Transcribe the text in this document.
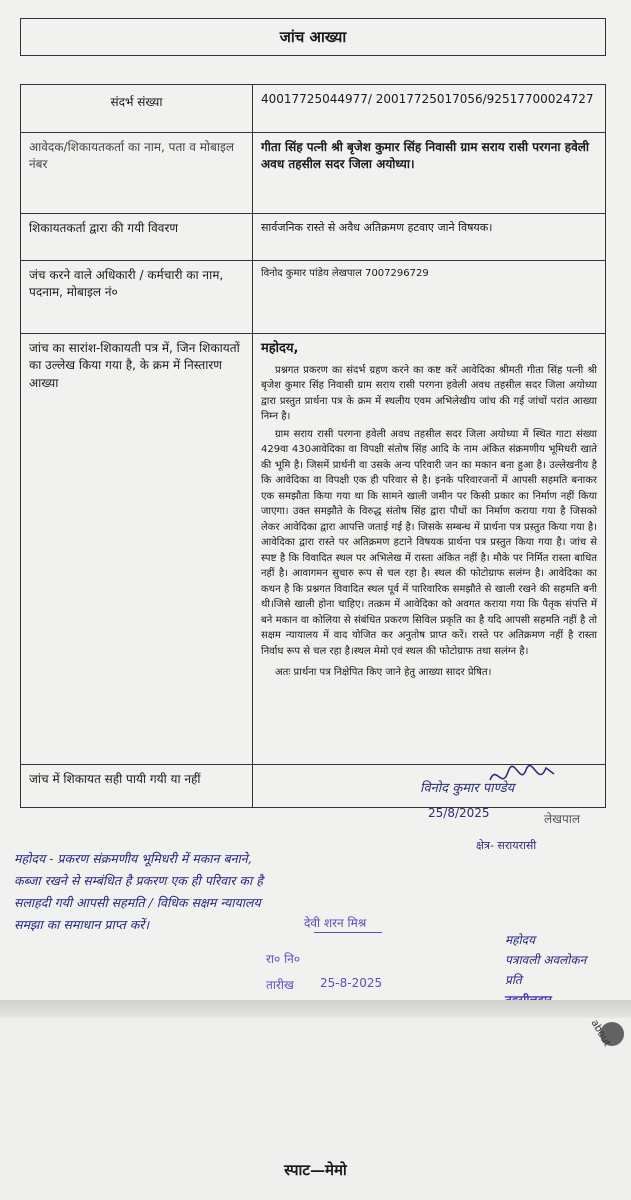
जांच आख्या
संदर्भ संख्या	40017725044977/ 20017725017056/92517700024727
आवेदक/शिकायतकर्ता का नाम, पता व मोबाइल नंबर	गीता सिंह पत्नी श्री बृजेश कुमार सिंह निवासी ग्राम सराय रासी परगना हवेली अवध तहसील सदर जिला अयोध्या।
शिकायतकर्ता द्वारा की गयी विवरण	सार्वजनिक रास्ते से अवैध अतिक्रमण हटवाए जाने विषयक।
जंच करने वाले अधिकारी / कर्मचारी का नाम, पदनाम, मोबाइल नं०	विनोद कुमार पांडेय लेखपाल 7007296729
जांच का सारांश-शिकायती पत्र में, जिन शिकायतों का उल्लेख किया गया है, के क्रम में निस्तारण आख्या	महोदय,

प्रश्नगत प्रकरण का संदर्भ ग्रहण करने का कष्ट करें आवेदिका श्रीमती गीता सिंह पत्नी श्री बृजेश कुमार सिंह निवासी ग्राम सराय रासी परगना हवेली अवध तहसील सदर जिला अयोध्या द्वारा प्रस्तुत प्रार्थना पत्र के क्रम में स्थलीय एवम अभिलेखीय जांच की गई जांचों परांत आख्या निम्न है।

ग्राम सराय रासी परगना हवेली अवध तहसील सदर जिला अयोध्या में स्थित गाटा संख्या 429वा 430आवेदिका वा विपक्षी संतोष सिंह आदि के नाम अंकित संक्रमणीय भूमिधरी खाते की भूमि है। जिसमें प्रार्थनी वा उसके अन्य परिवारी जन का मकान बना हुआ है। उल्लेखनीय है कि आवेदिका वा विपक्षी एक ही परिवार से है। इनके परिवारजनों में आपसी सहमति बनाकर एक समझौता किया गया था कि सामने खाली जमीन पर किसी प्रकार का निर्माण नहीं किया जाएगा। उक्त समझौते के विरुद्ध संतोष सिंह द्वारा पौधों का निर्माण कराया गया है जिसको लेकर आवेदिका द्वारा आपत्ति जताई गई है। जिसके सम्बन्ध में प्रार्थना पत्र प्रस्तुत किया गया है। आवेदिका द्वारा रास्ते पर अतिक्रमण हटाने विषयक प्रार्थना पत्र प्रस्तुत किया गया है। जांच से स्पष्ट है कि विवादित स्थल पर अभिलेख में रास्ता अंकित नहीं है। मौके पर निर्मित रास्ता बाधित नहीं है। आवागमन सुचारु रूप से चल रहा है। स्थल की फोटोग्राफ सलंग्न है। आवेदिका का कथन है कि प्रश्नगत विवादित स्थल पूर्व में पारिवारिक समझौते से खाली रखने की सहमति बनी थी।जिसे खाली होना चाहिए। तत्क्रम में आवेदिका को अवगत कराया गया कि पैतृक संपत्ति में बने मकान वा कोलिया से संबंधित प्रकरण सिविल प्रकृति का है यदि आपसी सहमति नहीं है तो सक्षम न्यायालय में वाद योजित कर अनुतोष प्राप्त करें। रास्ते पर अतिक्रमण नहीं है रास्ता निर्वाध रूप से चल रहा है।स्थल मेमो एवं स्थल की फोटोग्राफ तथा सलंग्न है।

अतः प्रार्थना पत्र निक्षेपित किए जाने हेतु आख्या सादर प्रेषित।

जांच में शिकायत सही पायी गयी या नहीं	
विनोद कुमार पाण्डेय
25/8/2025	लेखपाल
क्षेत्र- सरायरासी
महोदय - प्रकरण संक्रमणीय भूमिधरी में मकान बनाने,
कब्जा रखने से सम्बंधित है प्रकरण एक ही परिवार का है
सलाहदी गयी आपसी सहमति / विधिक सक्षम न्यायालय
समझा का समाधान प्राप्त करें।	देवी शरन मिश्र
रा० नि०
तारीख 25-8-2025
महोदय
पत्रावली अवलोकन
प्रति
about
स्पाट—मेमो
